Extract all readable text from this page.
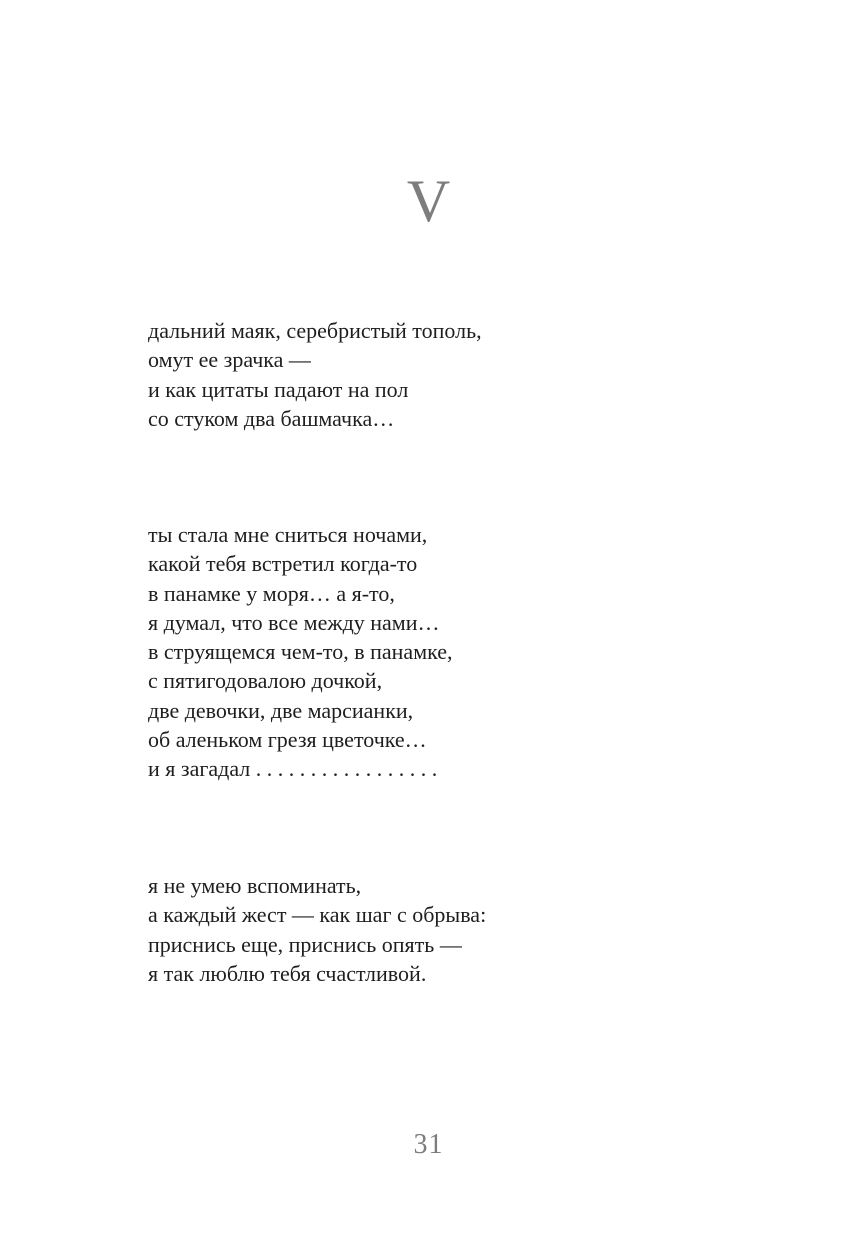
V
дальний маяк, серебристый тополь,
омут ее зрачка —
и как цитаты падают на пол
со стуком два башмачка…
ты стала мне сниться ночами,
какой тебя встретил когда-то
в панамке у моря… а я-то,
я думал, что все между нами…
в струящемся чем-то, в панамке,
с пятигодовалою дочкой,
две девочки, две марсианки,
об аленьком грезя цветочке…
и я загадал . . . . . . . . . . . . . . . . .
я не умею вспоминать,
а каждый жест — как шаг с обрыва:
приснись еще, приснись опять —
я так люблю тебя счастливой.
31
